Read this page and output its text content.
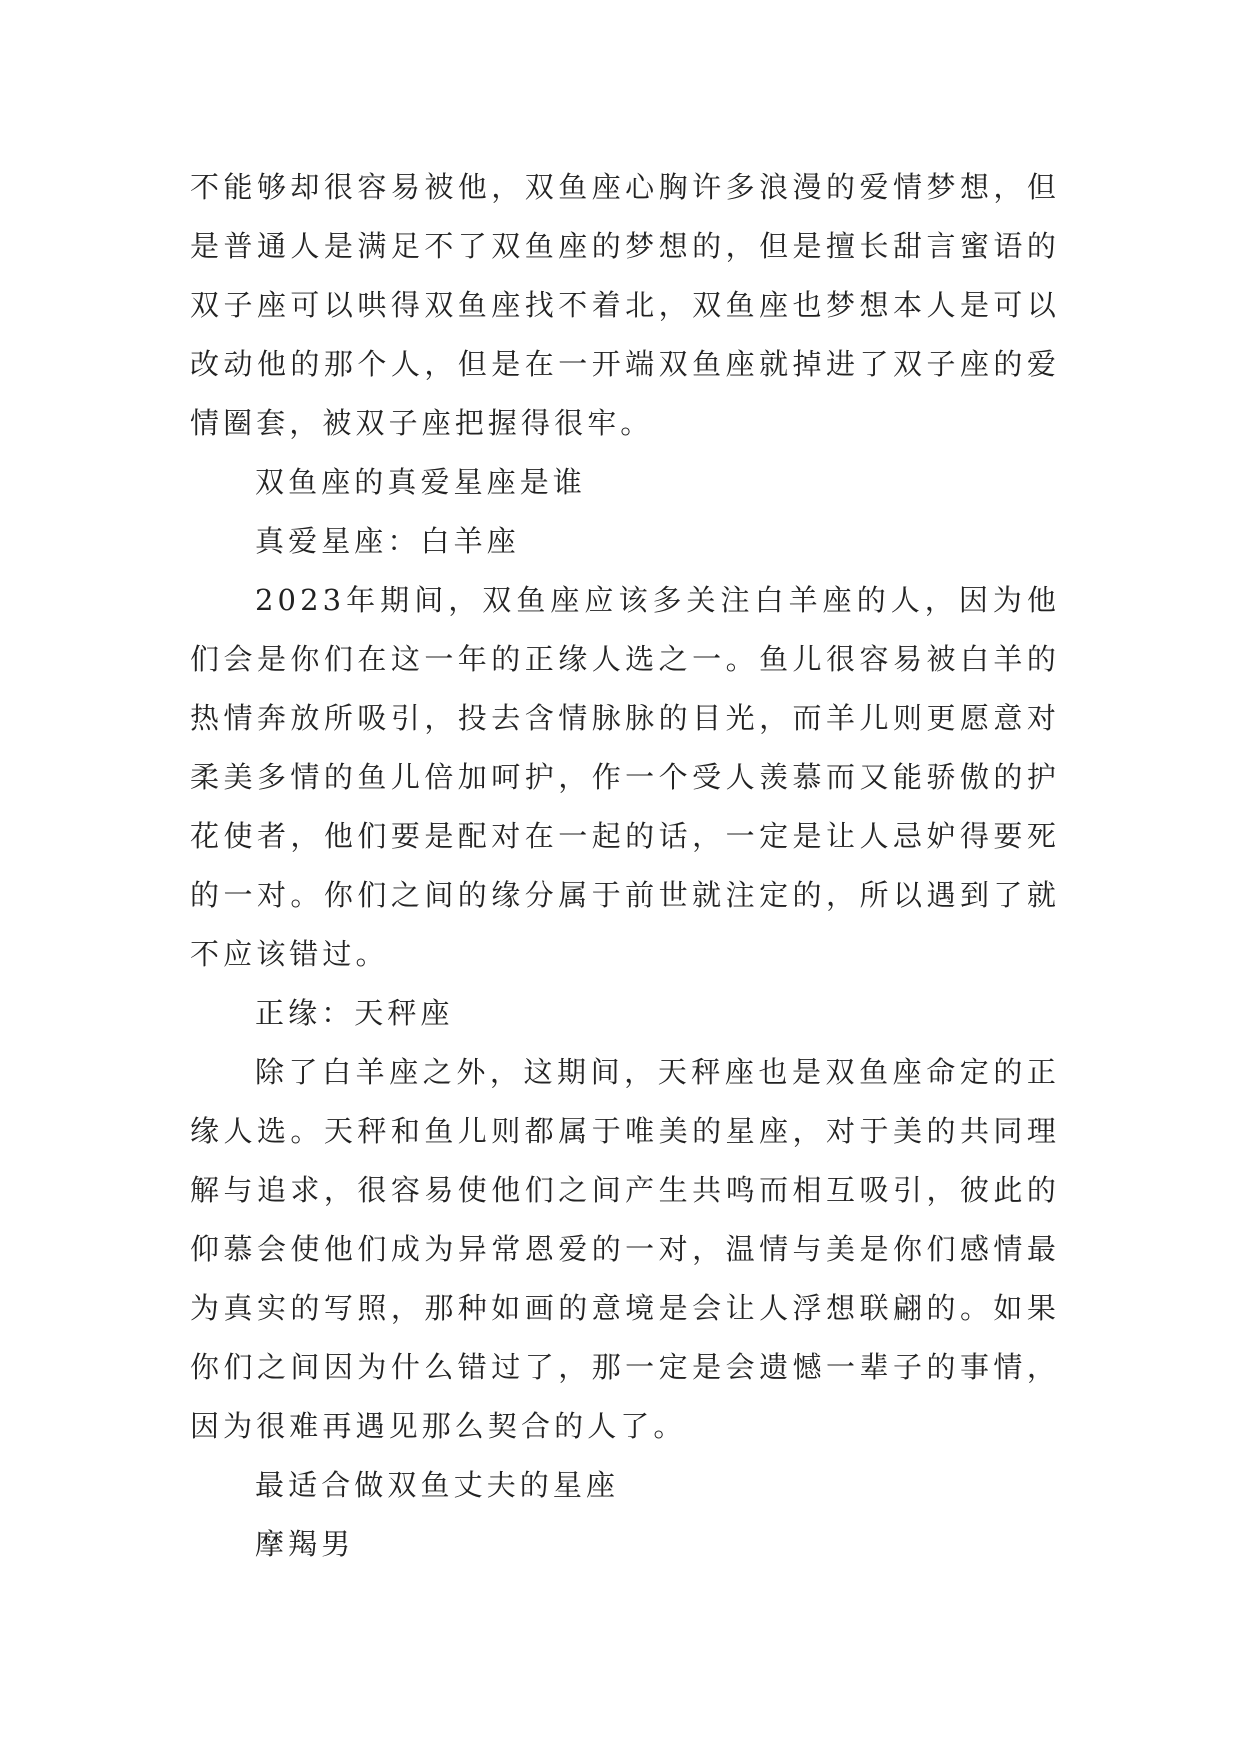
不能够却很容易被他，双鱼座心胸许多浪漫的爱情梦想，但是普通人是满足不了双鱼座的梦想的，但是擅长甜言蜜语的双子座可以哄得双鱼座找不着北，双鱼座也梦想本人是可以改动他的那个人，但是在一开端双鱼座就掉进了双子座的爱情圈套，被双子座把握得很牢。

双鱼座的真爱星座是谁

真爱星座：白羊座

2023年期间，双鱼座应该多关注白羊座的人，因为他们会是你们在这一年的正缘人选之一。鱼儿很容易被白羊的热情奔放所吸引，投去含情脉脉的目光，而羊儿则更愿意对柔美多情的鱼儿倍加呵护，作一个受人羡慕而又能骄傲的护花使者，他们要是配对在一起的话，一定是让人忌妒得要死的一对。你们之间的缘分属于前世就注定的，所以遇到了就不应该错过。

正缘：天秤座

除了白羊座之外，这期间，天秤座也是双鱼座命定的正缘人选。天秤和鱼儿则都属于唯美的星座，对于美的共同理解与追求，很容易使他们之间产生共鸣而相互吸引，彼此的仰慕会使他们成为异常恩爱的一对，温情与美是你们感情最为真实的写照，那种如画的意境是会让人浮想联翩的。如果你们之间因为什么错过了，那一定是会遗憾一辈子的事情，因为很难再遇见那么契合的人了。

最适合做双鱼丈夫的星座

摩羯男
